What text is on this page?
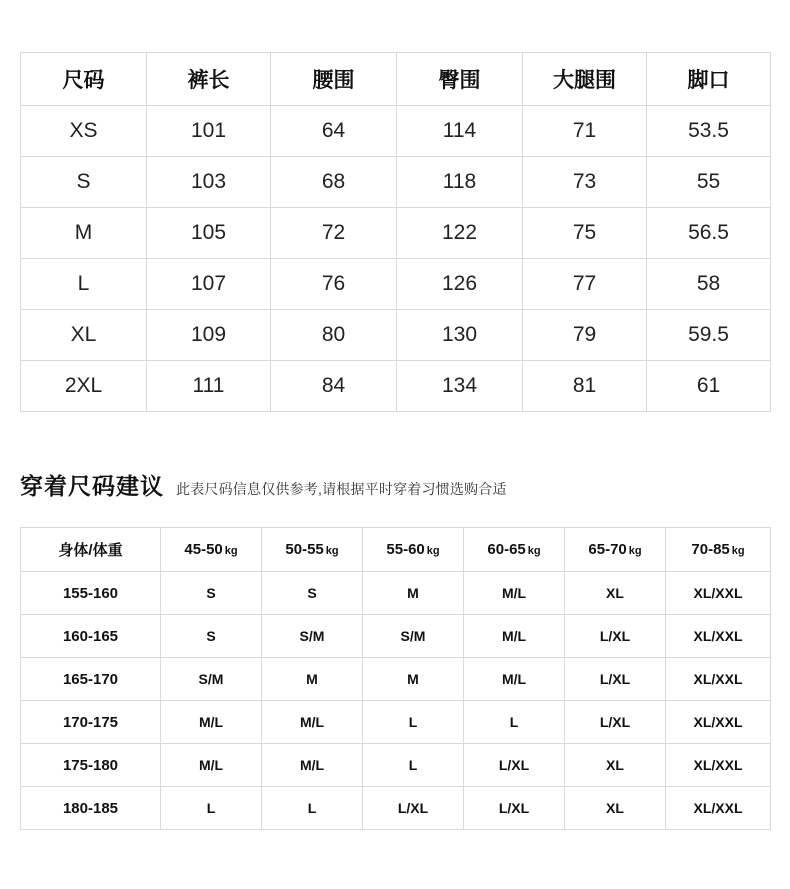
尺码	裤长	腰围	臀围	大腿围	脚口
XS	101	64	114	71	53.5
S	103	68	118	73	55
M	105	72	122	75	56.5
L	107	76	126	77	58
XL	109	80	130	79	59.5
2XL	111	84	134	81	61
穿着尺码建议 此表尺码信息仅供参考,请根据平时穿着习惯选购合适
身体/体重	45-50 kg	50-55 kg	55-60 kg	60-65 kg	65-70 kg	70-85 kg
155-160	S	S	M	M/L	XL	XL/XXL
160-165	S	S/M	S/M	M/L	L/XL	XL/XXL
165-170	S/M	M	M	M/L	L/XL	XL/XXL
170-175	M/L	M/L	L	L	L/XL	XL/XXL
175-180	M/L	M/L	L	L/XL	XL	XL/XXL
180-185	L	L	L/XL	L/XL	XL	XL/XXL
